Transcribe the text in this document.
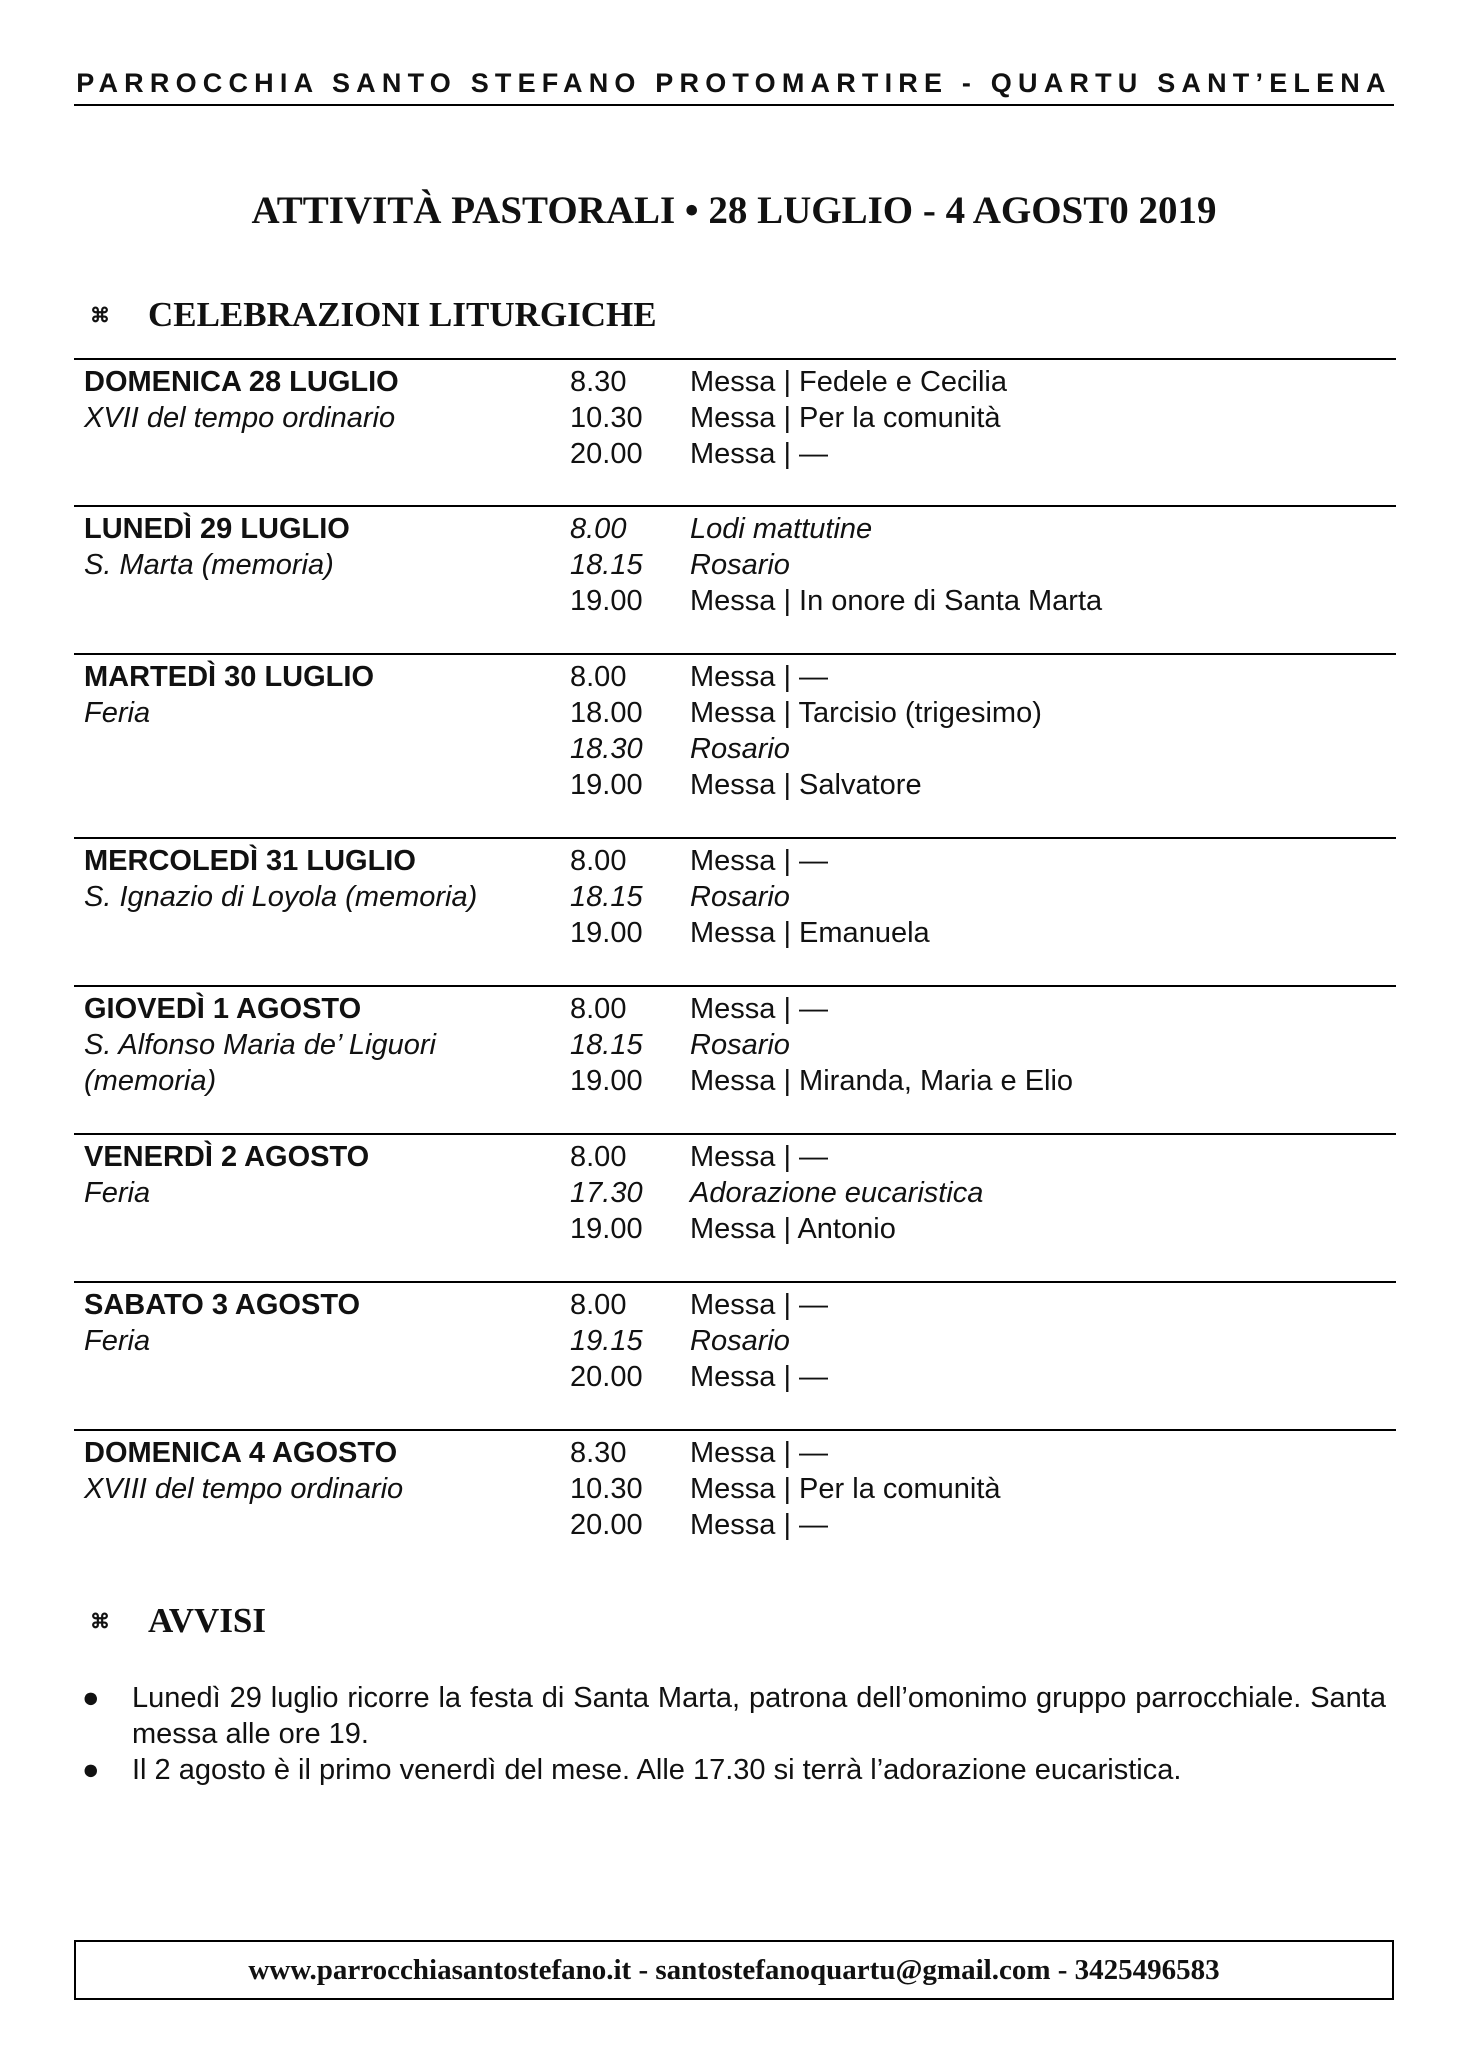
PARROCCHIA SANTO STEFANO PROTOMARTIRE - QUARTU SANT’ELENA
ATTIVITÀ PASTORALI • 28 LUGLIO - 4 AGOST0 2019
⌘	CELEBRAZIONI LITURGICHE
DOMENICA 28 LUGLIO
XVII del tempo ordinario
8.30	Messa | Fedele e Cecilia
10.30	Messa | Per la comunità
20.00	Messa | —
LUNEDÌ 29 LUGLIO
S. Marta (memoria)
8.00	Lodi mattutine
18.15	Rosario
19.00	Messa | In onore di Santa Marta
MARTEDÌ 30 LUGLIO
Feria
8.00	Messa | —
18.00	Messa | Tarcisio (trigesimo)
18.30	Rosario
19.00	Messa | Salvatore
MERCOLEDÌ 31 LUGLIO
S. Ignazio di Loyola (memoria)
8.00	Messa | —
18.15	Rosario
19.00	Messa | Emanuela
GIOVEDÌ 1 AGOSTO
S. Alfonso Maria de’ Liguori (memoria)
8.00	Messa | —
18.15	Rosario
19.00	Messa | Miranda, Maria e Elio
VENERDÌ 2 AGOSTO
Feria
8.00	Messa | —
17.30	Adorazione eucaristica
19.00	Messa | Antonio
SABATO 3 AGOSTO
Feria
8.00	Messa | —
19.15	Rosario
20.00	Messa | —
DOMENICA 4 AGOSTO
XVIII del tempo ordinario
8.30	Messa | —
10.30	Messa | Per la comunità
20.00	Messa | —
⌘	AVVISI
● Lunedì 29 luglio ricorre la festa di Santa Marta, patrona dell’omonimo gruppo parrocchiale. Santa messa alle ore 19.
● Il 2 agosto è il primo venerdì del mese. Alle 17.30 si terrà l’adorazione eucaristica.
www.parrocchiasantostefano.it - santostefanoquartu@gmail.com - 3425496583
